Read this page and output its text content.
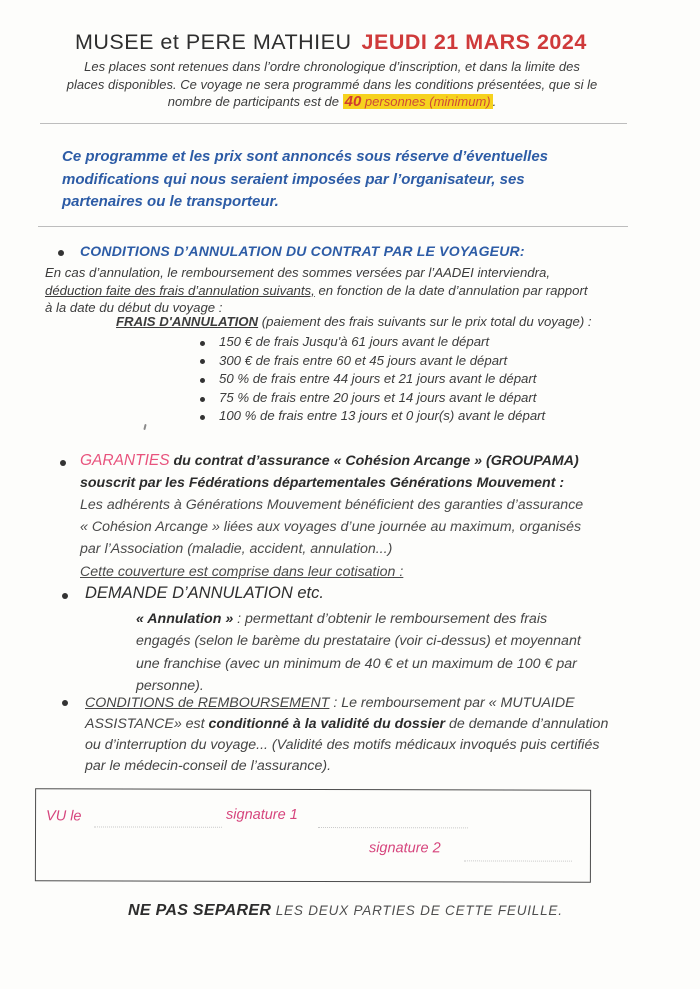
MUSEE et PERE MATHIEU JEUDI 21 MARS 2024
Les places sont retenues dans l’ordre chronologique d’inscription, et dans la limite des
places disponibles. Ce voyage ne sera programmé dans les conditions présentées, que si le
nombre de participants est de 40 personnes (minimum) .
Ce programme et les prix sont annoncés sous réserve d’éventuelles
modifications qui nous seraient imposées par l’organisateur, ses
partenaires ou le transporteur.
CONDITIONS D’ANNULATION DU CONTRAT PAR LE VOYAGEUR:

En cas d’annulation, le remboursement des sommes versées par l’AADEI interviendra, déduction faite des frais d’annulation suivants, en fonction de la date d’annulation par rapport à la date du début du voyage :

FRAIS D'ANNULATION (paiement des frais suivants sur le prix total du voyage) :
150 € de frais Jusqu'à 61 jours avant le départ
300 € de frais entre 60 et 45 jours avant le départ
50 % de frais entre 44 jours et 21 jours avant le départ
75 % de frais entre 20 jours et 14 jours avant le départ
100 % de frais entre 13 jours et 0 jour(s) avant le départ

GARANTIES du contrat d’assurance « Cohésion Arcange » (GROUPAMA) souscrit par les Fédérations départementales Générations Mouvement :
Les adhérents à Générations Mouvement bénéficient des garanties d’assurance « Cohésion Arcange » liées aux voyages d’une journée au maximum, organisés par l’Association (maladie, accident, annulation...)
Cette couverture est comprise dans leur cotisation :

DEMANDE D’ANNULATION etc.

« Annulation » : permettant d’obtenir le remboursement des frais engagés (selon le barème du prestataire (voir ci-dessus) et moyennant une franchise (avec un minimum de 40 € et un maximum de 100 € par personne).

CONDITIONS de REMBOURSEMENT : Le remboursement par « MUTUAIDE ASSISTANCE» est conditionné à la validité du dossier de demande d’annulation ou d’interruption du voyage... (Validité des motifs médicaux invoqués puis certifiés par le médecin-conseil de l’assurance).

VU le	signature 1
signature 2
NE PAS SEPARER LES DEUX PARTIES DE CETTE FEUILLE.
